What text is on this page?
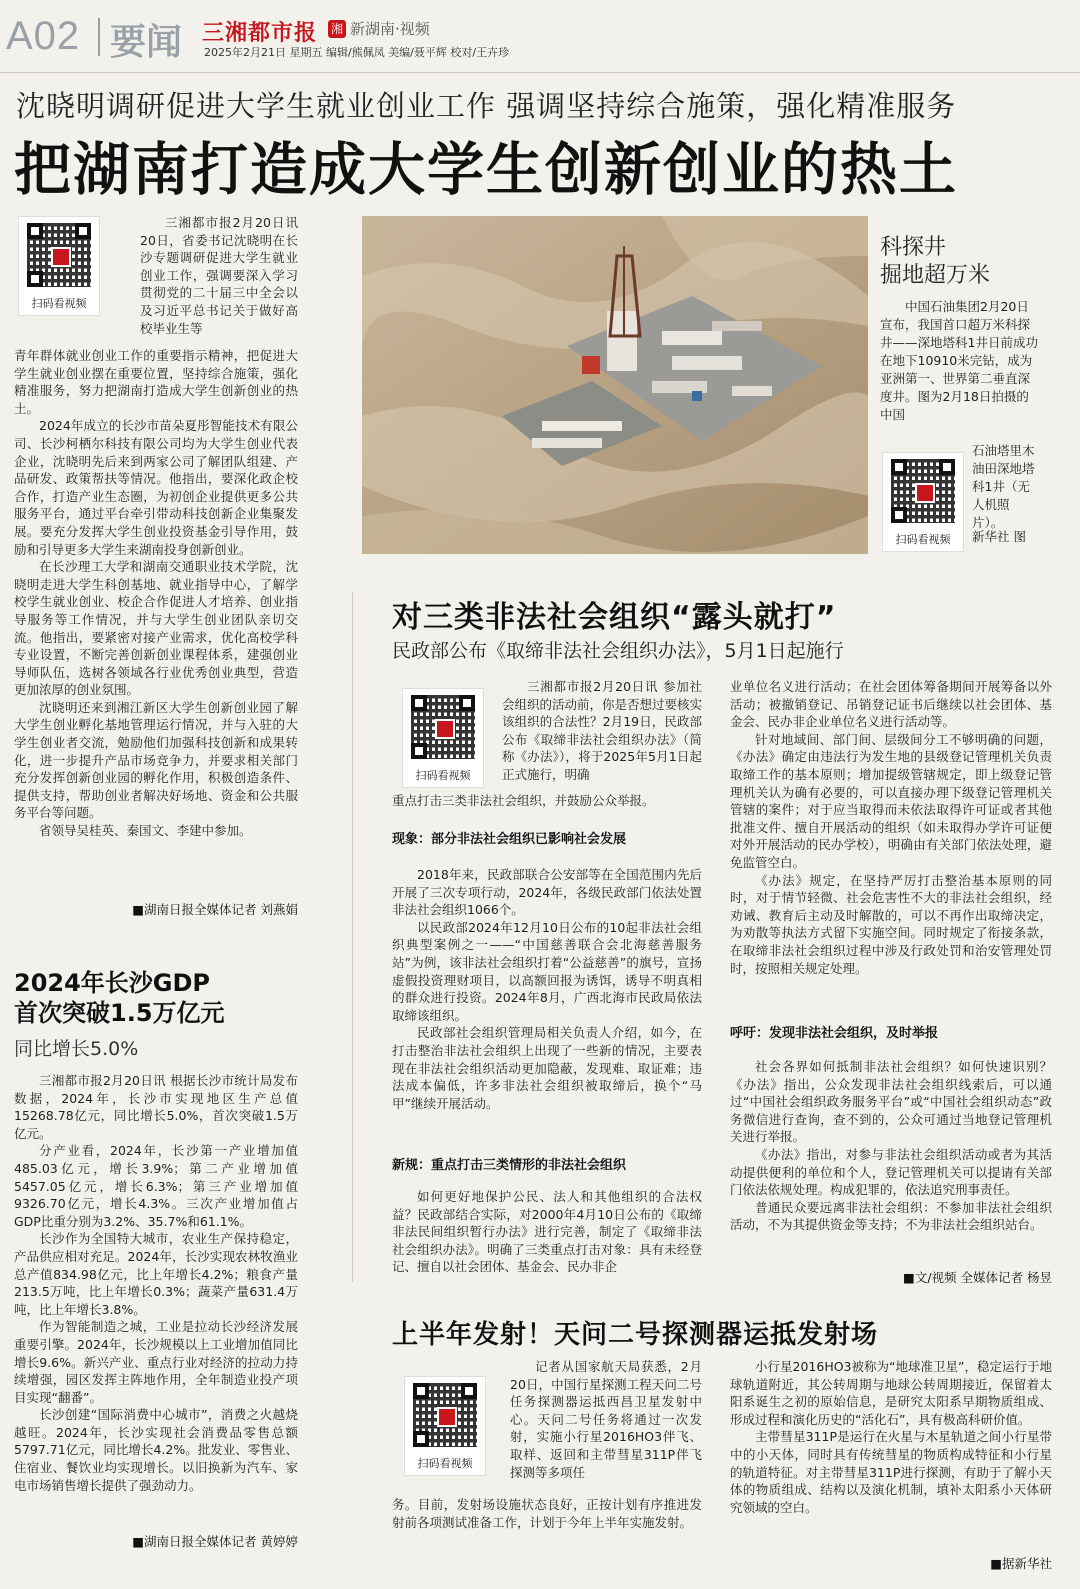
A02 要闻 三湘都市报 湘 新湖南·视频
2025年2月21日 星期五 编辑/熊佩凤 美编/聂平辉 校对/王卉珍
沈晓明调研促进大学生就业创业工作 强调坚持综合施策，强化精准服务
把湖南打造成大学生创新创业的热土
扫码看视频

三湘都市报2月20日讯 20日，省委书记沈晓明在长沙专题调研促进大学生就业创业工作，强调要深入学习贯彻党的二十届三中全会以及习近平总书记关于做好高校毕业生等

青年群体就业创业工作的重要指示精神，把促进大学生就业创业摆在重要位置，坚持综合施策，强化精准服务，努力把湖南打造成大学生创新创业的热土。

2024年成立的长沙市苗朵夏彤智能技术有限公司、长沙柯栖尔科技有限公司均为大学生创业代表企业，沈晓明先后来到两家公司了解团队组建、产品研发、政策帮扶等情况。他指出，要深化政企校合作，打造产业生态圈，为初创企业提供更多公共服务平台，通过平台牵引带动科技创新企业集聚发展。要充分发挥大学生创业投资基金引导作用，鼓励和引导更多大学生来湖南投身创新创业。

在长沙理工大学和湖南交通职业技术学院，沈晓明走进大学生科创基地、就业指导中心，了解学校学生就业创业、校企合作促进人才培养、创业指导服务等工作情况，并与大学生创业团队亲切交流。他指出，要紧密对接产业需求，优化高校学科专业设置，不断完善创新创业课程体系，建强创业导师队伍，选树各领域各行业优秀创业典型，营造更加浓厚的创业氛围。

沈晓明还来到湘江新区大学生创新创业园了解大学生创业孵化基地管理运行情况，并与入驻的大学生创业者交流，勉励他们加强科技创新和成果转化，进一步提升产品市场竞争力，并要求相关部门充分发挥创新创业园的孵化作用，积极创造条件、提供支持，帮助创业者解决好场地、资金和公共服务平台等问题。

省领导吴桂英、秦国文、李建中参加。

■湖南日报全媒体记者 刘燕娟
科探井
掘地超万米
中国石油集团2月20日宣布，我国首口超万米科探井——深地塔科1井日前成功在地下10910米完钻，成为亚洲第一、世界第二垂直深度井。图为2月18日拍摄的中国
石油塔里木油田深地塔科1井（无人机照片）。
新华社 图
扫码看视频
对三类非法社会组织“露头就打”
民政部公布《取缔非法社会组织办法》，5月1日起施行
扫码看视频

三湘都市报2月20日讯 参加社会组织的活动前，你是否想过要核实该组织的合法性？2月19日，民政部公布《取缔非法社会组织办法》（简称《办法》），将于2025年5月1日起正式施行，明确

重点打击三类非法社会组织，并鼓励公众举报。

现象：部分非法社会组织已影响社会发展

2018年来，民政部联合公安部等在全国范围内先后开展了三次专项行动，2024年，各级民政部门依法处置非法社会组织1066个。

以民政部2024年12月10日公布的10起非法社会组织典型案例之一——“中国慈善联合会北海慈善服务站”为例，该非法社会组织打着“公益慈善”的旗号，宣扬虚假投资理财项目，以高额回报为诱饵，诱导不明真相的群众进行投资。2024年8月，广西北海市民政局依法取缔该组织。

民政部社会组织管理局相关负责人介绍，如今，在打击整治非法社会组织上出现了一些新的情况，主要表现在非法社会组织活动更加隐蔽，发现难、取证难；违法成本偏低，许多非法社会组织被取缔后，换个“马甲”继续开展活动。

新规：重点打击三类情形的非法社会组织

如何更好地保护公民、法人和其他组织的合法权益？民政部结合实际，对2000年4月10日公布的《取缔非法民间组织暂行办法》进行完善，制定了《取缔非法社会组织办法》。明确了三类重点打击对象：具有未经登记、擅自以社会团体、基金会、民办非企

业单位名义进行活动；在社会团体筹备期间开展筹备以外活动；被撤销登记、吊销登记证书后继续以社会团体、基金会、民办非企业单位名义进行活动等。

针对地域间、部门间、层级间分工不够明确的问题，《办法》确定由违法行为发生地的县级登记管理机关负责取缔工作的基本原则；增加提级管辖规定，即上级登记管理机关认为确有必要的，可以直接办理下级登记管理机关管辖的案件；对于应当取得而未依法取得许可证或者其他批准文件、擅自开展活动的组织（如未取得办学许可证便对外开展活动的民办学校），明确由有关部门依法处理，避免监管空白。

《办法》规定，在坚持严厉打击整治基本原则的同时，对于情节轻微、社会危害性不大的非法社会组织，经劝诫、教育后主动及时解散的，可以不再作出取缔决定，为劝散等执法方式留下实施空间。同时规定了衔接条款，在取缔非法社会组织过程中涉及行政处罚和治安管理处罚时，按照相关规定处理。

呼吁：发现非法社会组织，及时举报

社会各界如何抵制非法社会组织？如何快速识别？《办法》指出，公众发现非法社会组织线索后，可以通过“中国社会组织政务服务平台”或“中国社会组织动态”政务微信进行查询，查不到的，公众可通过当地登记管理机关进行举报。

《办法》指出，对参与非法社会组织活动或者为其活动提供便利的单位和个人，登记管理机关可以提请有关部门依法依规处理。构成犯罪的，依法追究刑事责任。

普通民众要远离非法社会组织：不参加非法社会组织活动，不为其提供资金等支持；不为非法社会组织站台。

■文/视频 全媒体记者 杨昱
2024年长沙GDP
首次突破1.5万亿元
同比增长5.0%

三湘都市报2月20日讯 根据长沙市统计局发布数据，2024年，长沙市实现地区生产总值15268.78亿元，同比增长5.0%，首次突破1.5万亿元。

分产业看，2024年，长沙第一产业增加值485.03亿元，增长3.9%；第二产业增加值5457.05亿元，增长6.3%；第三产业增加值9326.70亿元，增长4.3%。三次产业增加值占GDP比重分别为3.2%、35.7%和61.1%。

长沙作为全国特大城市，农业生产保持稳定，产品供应相对充足。2024年，长沙实现农林牧渔业总产值834.98亿元，比上年增长4.2%；粮食产量213.5万吨，比上年增长0.3%；蔬菜产量631.4万吨，比上年增长3.8%。

作为智能制造之城，工业是拉动长沙经济发展重要引擎。2024年，长沙规模以上工业增加值同比增长9.6%。新兴产业、重点行业对经济的拉动力持续增强，园区发挥主阵地作用，全年制造业投产项目实现“翻番”。

长沙创建“国际消费中心城市”，消费之火越烧越旺。2024年，长沙实现社会消费品零售总额5797.71亿元，同比增长4.2%。批发业、零售业、住宿业、餐饮业均实现增长。以旧换新为汽车、家电市场销售增长提供了强劲动力。

■湖南日报全媒体记者 黄婷婷
上半年发射！天问二号探测器运抵发射场
扫码看视频

记者从国家航天局获悉，2月20日，中国行星探测工程天问二号任务探测器运抵西昌卫星发射中心。天问二号任务将通过一次发射，实施小行星2016HO3伴飞、取样、返回和主带彗星311P伴飞探测等多项任

务。目前，发射场设施状态良好，正按计划有序推进发射前各项测试准备工作，计划于今年上半年实施发射。

小行星2016HO3被称为“地球准卫星”，稳定运行于地球轨道附近，其公转周期与地球公转周期接近，保留着太阳系诞生之初的原始信息，是研究太阳系早期物质组成、形成过程和演化历史的“活化石”，具有极高科研价值。

主带彗星311P是运行在火星与木星轨道之间小行星带中的小天体，同时具有传统彗星的物质构成特征和小行星的轨道特征。对主带彗星311P进行探测，有助于了解小天体的物质组成、结构以及演化机制，填补太阳系小天体研究领域的空白。

■据新华社
